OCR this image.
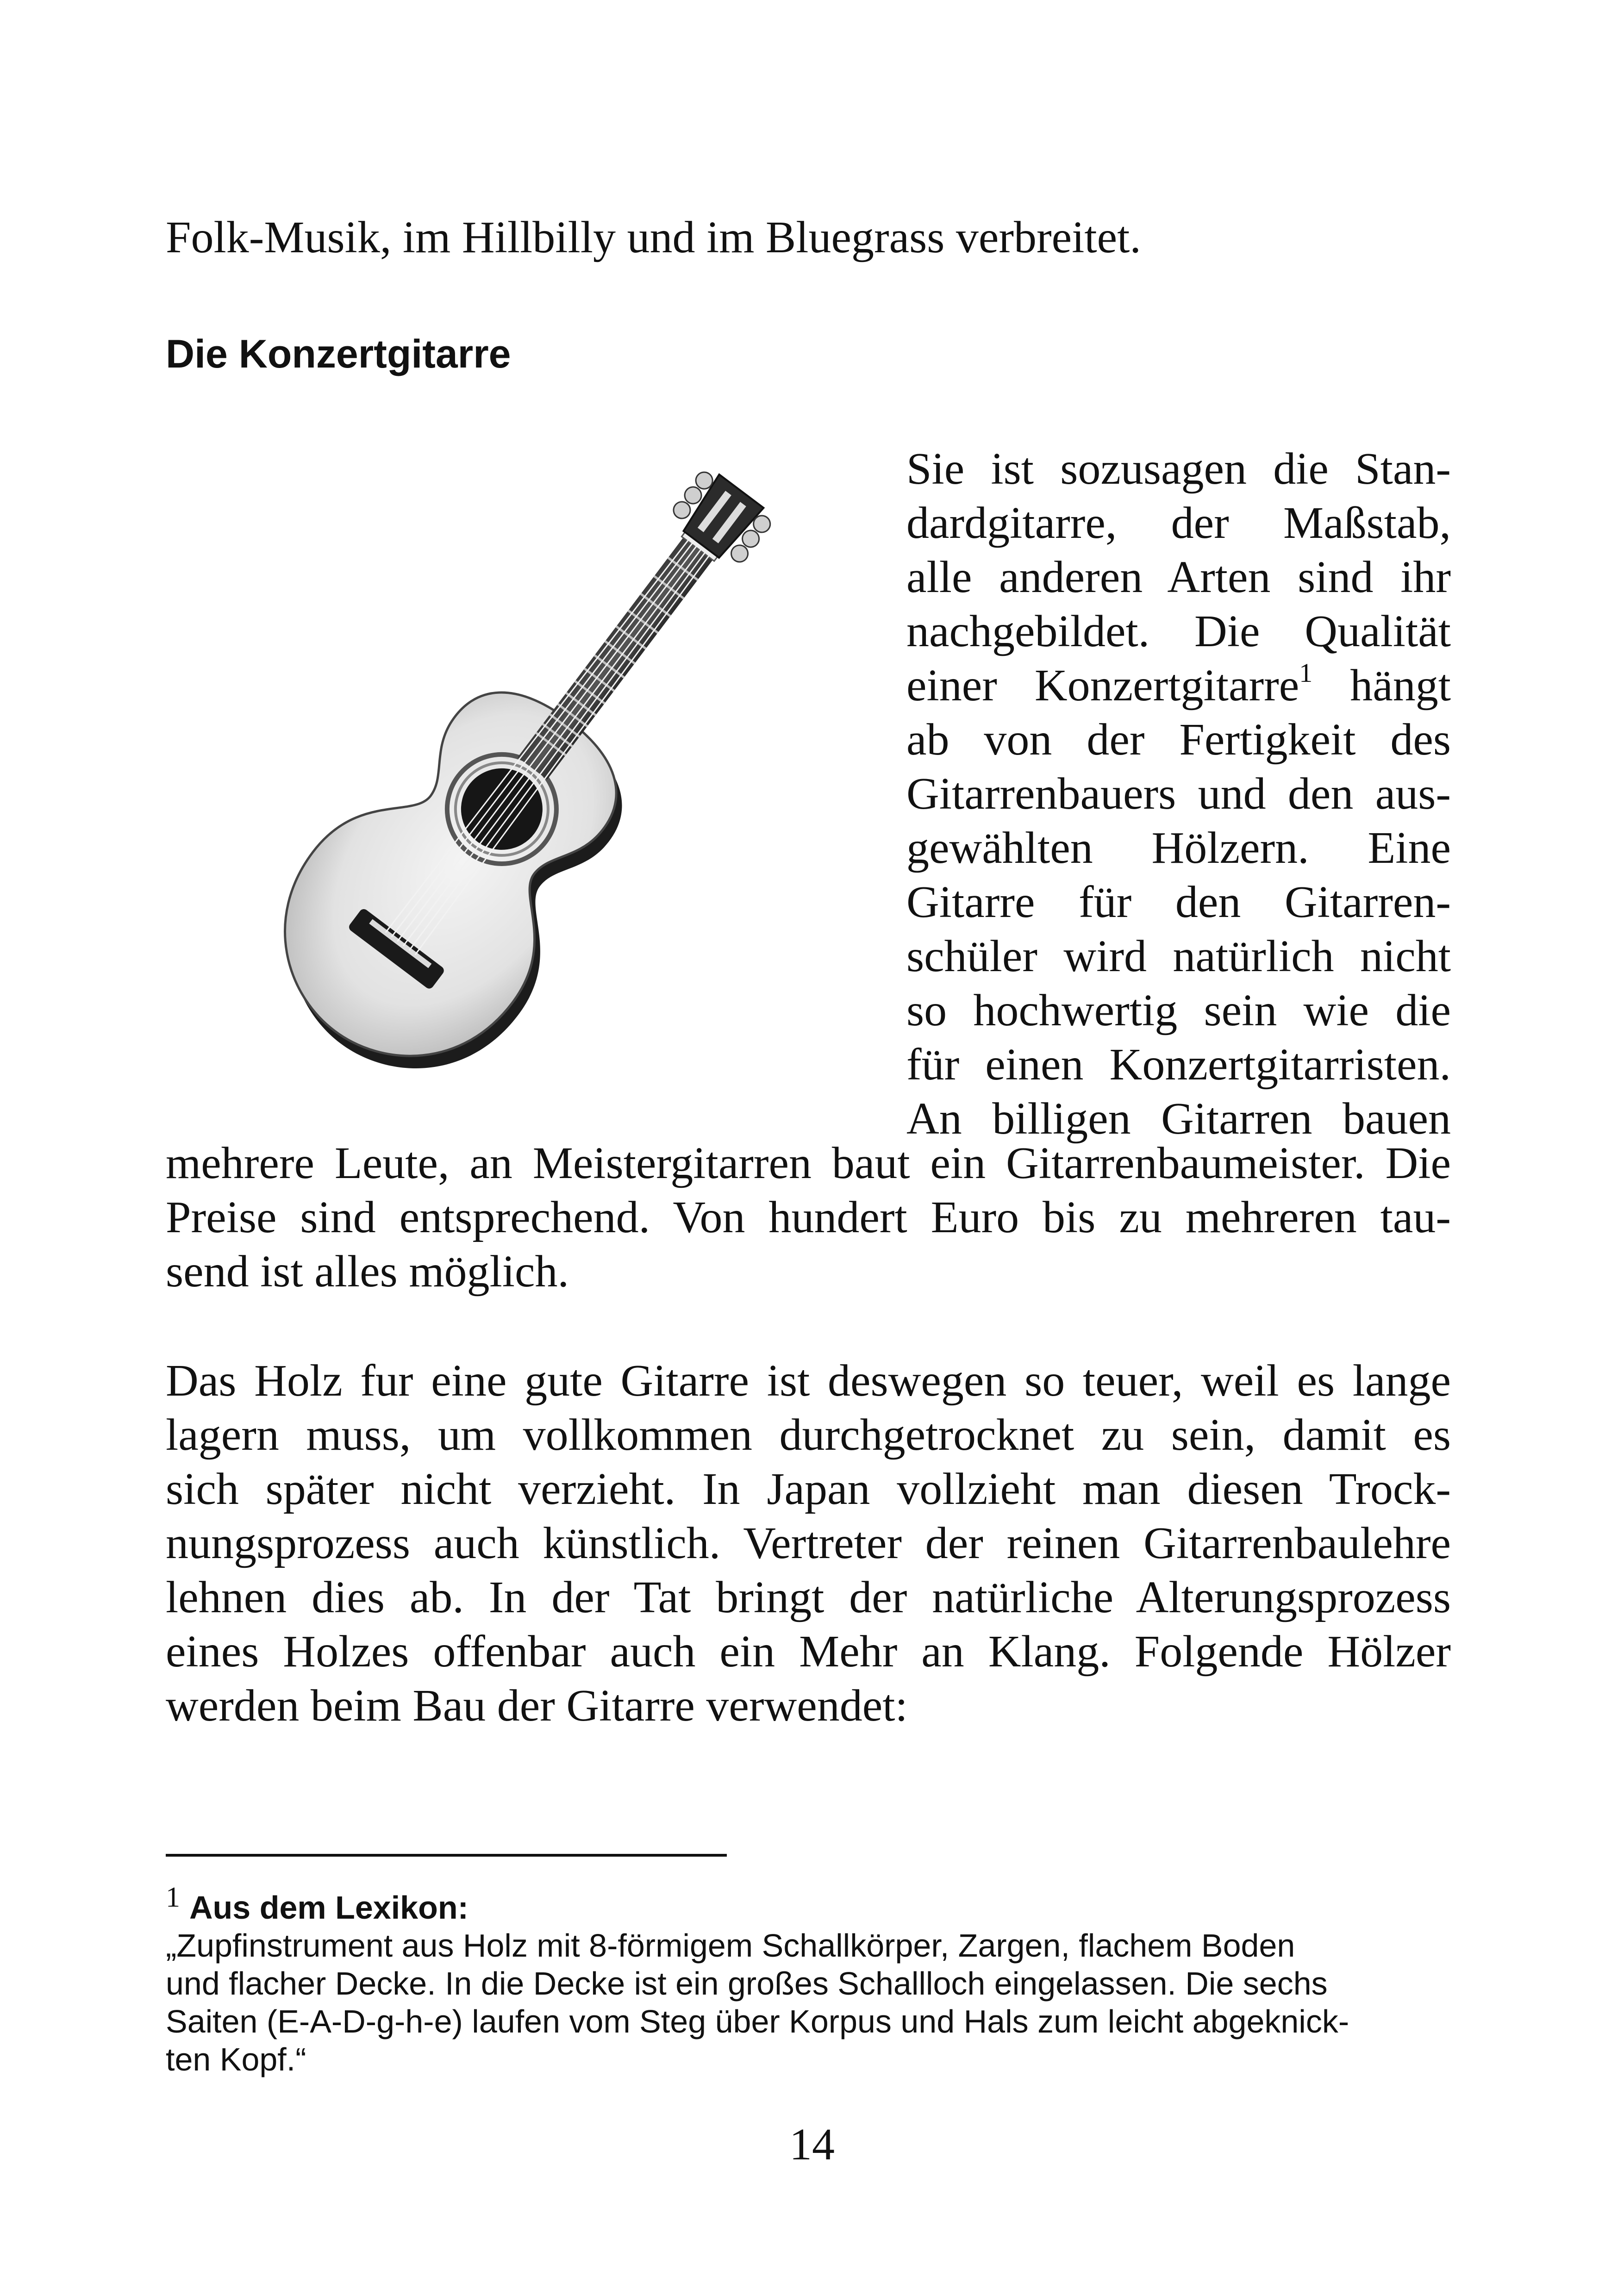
Folk-Musik, im Hillbilly und im Bluegrass verbreitet.
Die Konzertgitarre
Sie ist sozusagen die Stan-
dardgitarre, der Maßstab,
alle anderen Arten sind ihr
nachgebildet. Die Qualität
einer Konzertgitarre$^1$ hängt
ab von der Fertigkeit des
Gitarrenbauers und den aus-
gewählten Hölzern. Eine
Gitarre für den Gitarren-
schüler wird natürlich nicht
so hochwertig sein wie die
für einen Konzertgitarristen.
An billigen Gitarren bauen
mehrere Leute, an Meistergitarren baut ein Gitarrenbaumeister. Die
Preise sind entsprechend. Von hundert Euro bis zu mehreren tau-
send ist alles möglich.
Das Holz fur eine gute Gitarre ist deswegen so teuer, weil es lange
lagern muss, um vollkommen durchgetrocknet zu sein, damit es
sich später nicht verzieht. In Japan vollzieht man diesen Trock-
nungsprozess auch künstlich. Vertreter der reinen Gitarrenbaulehre
lehnen dies ab. In der Tat bringt der natürliche Alterungsprozess
eines Holzes offenbar auch ein Mehr an Klang. Folgende Hölzer
werden beim Bau der Gitarre verwendet:
1 Aus dem Lexikon:
„Zupfinstrument aus Holz mit 8-förmigem Schallkörper, Zargen, flachem Boden
und flacher Decke. In die Decke ist ein großes Schallloch eingelassen. Die sechs
Saiten (E-A-D-g-h-e) laufen vom Steg über Korpus und Hals zum leicht abgeknick-
ten Kopf.“
14
